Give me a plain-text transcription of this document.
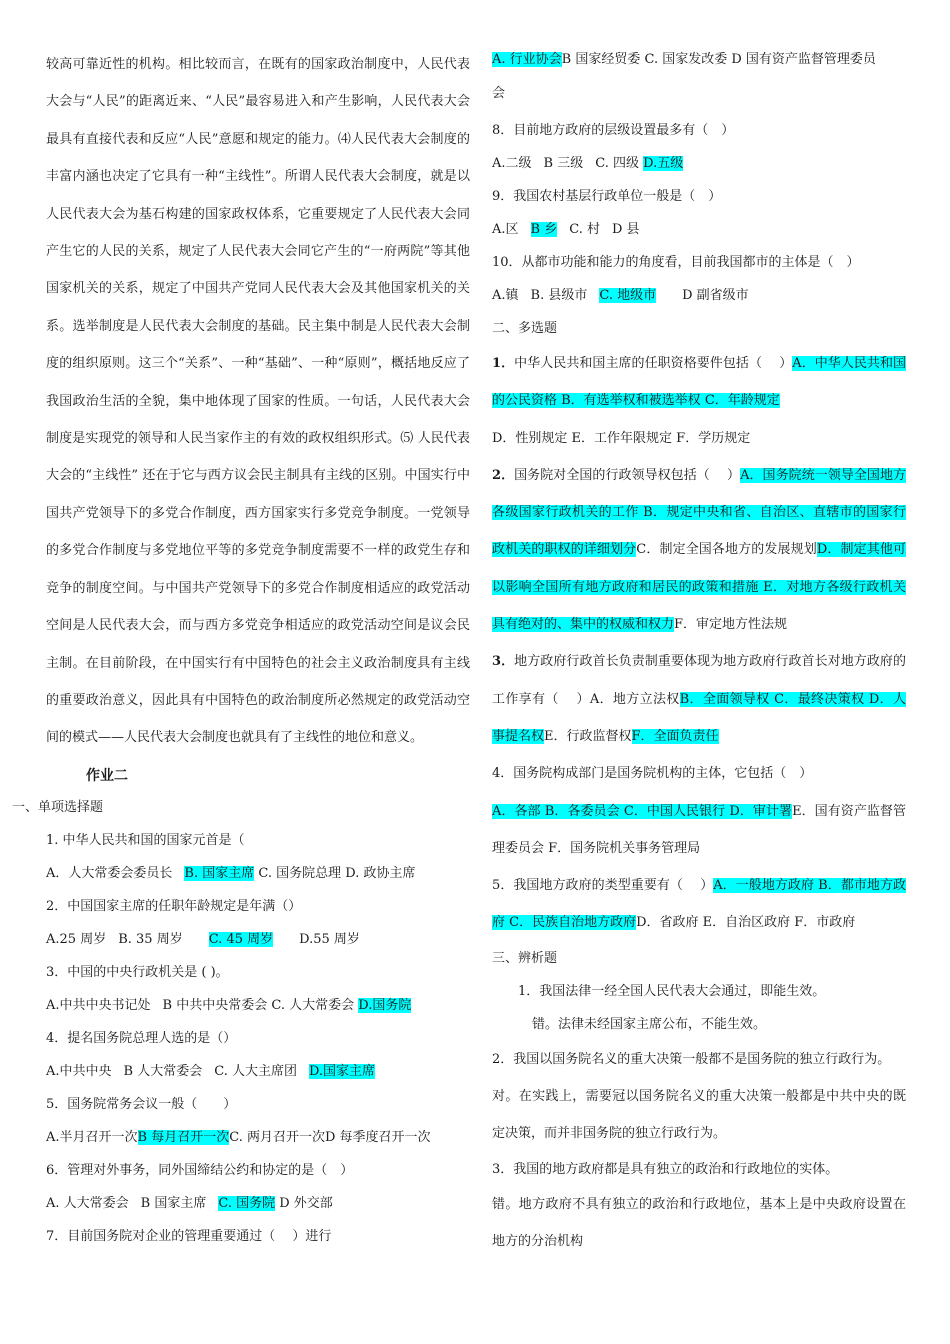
较高可靠近性的机构。相比较而言，在既有的国家政治制度中，人民代表大会与“人民”的距离近来、“人民”最容易进入和产生影响，人民代表大会最具有直接代表和反应“人民”意愿和规定的能力。⑷人民代表大会制度的丰富内涵也决定了它具有一种“主线性”。所谓人民代表大会制度，就是以人民代表大会为基石构建的国家政权体系，它重要规定了人民代表大会同产生它的人民的关系，规定了人民代表大会同它产生的“一府两院”等其他国家机关的关系，规定了中国共产党同人民代表大会及其他国家机关的关系。选举制度是人民代表大会制度的基础。民主集中制是人民代表大会制度的组织原则。这三个“关系”、一种“基础”、一种“原则”，概括地反应了我国政治生活的全貌，集中地体现了国家的性质。一句话，人民代表大会制度是实现党的领导和人民当家作主的有效的政权组织形式。⑸ 人民代表大会的“主线性” 还在于它与西方议会民主制具有主线的区别。中国实行中国共产党领导下的多党合作制度，西方国家实行多党竞争制度。一党领导的多党合作制度与多党地位平等的多党竞争制度需要不一样的政党生存和竞争的制度空间。与中国共产党领导下的多党合作制度相适应的政党活动空间是人民代表大会，而与西方多党竞争相适应的政党活动空间是议会民主制。在目前阶段，在中国实行有中国特色的社会主义政治制度具有主线的重要政治意义，因此具有中国特色的政治制度所必然规定的政党活动空间的模式——人民代表大会制度也就具有了主线性的地位和意义。

作业二

一、单项选择题

1. 中华人民共和国的国家元首是（

A．人大常委会委员长 B. 国家主席 C. 国务院总理 D. 政协主席

2．中国国家主席的任职年龄规定是年满（）

A.25 周岁 B. 35 周岁 C. 45 周岁 D.55 周岁

3．中国的中央行政机关是 ( )。

A.中共中央书记处 B 中共中央常委会 C. 人大常委会 D.国务院

4．提名国务院总理人选的是（）

A.中共中央 B 人大常委会 C. 人大主席团 D.国家主席

5．国务院常务会议一般（　　）

A.半月召开一次B 每月召开一次C. 两月召开一次D 每季度召开一次

6．管理对外事务，同外国缔结公约和协定的是（　）

A. 人大常委会 B 国家主席 C. 国务院 D 外交部

7．目前国务院对企业的管理重要通过（　 ）进行

A. 行业协会B 国家经贸委 C. 国家发改委 D 国有资产监督管理委员

会

8．目前地方政府的层级设置最多有（　）

A.二级 B 三级 C. 四级 D.五级

9．我国农村基层行政单位一般是（　）

A.区 B 乡 C. 村 D 县

10．从都市功能和能力的角度看，目前我国都市的主体是（　）

A.镇 B. 县级市 C. 地级市 D 副省级市

二、多选题

1．中华人民共和国主席的任职资格要件包括（　 ）A．中华人民共和国的公民资格 B．有选举权和被选举权 C．年龄规定
D．性别规定 E．工作年限规定 F．学历规定

2．国务院对全国的行政领导权包括（　 ）A．国务院统一领导全国地方各级国家行政机关的工作 B．规定中央和省、自治区、直辖市的国家行政机关的职权的详细划分C．制定全国各地方的发展规划D．制定其他可以影响全国所有地方政府和居民的政策和措施 E．对地方各级行政机关具有绝对的、集中的权威和权力F．审定地方性法规

3．地方政府行政首长负责制重要体现为地方政府行政首长对地方政府的工作享有（　 ）A．地方立法权B．全面领导权 C．最终决策权 D．人事提名权E．行政监督权F．全面负责任

4．国务院构成部门是国务院机构的主体，它包括（　）
A．各部 B．各委员会 C．中国人民银行 D．审计署E．国有资产监督管理委员会 F．国务院机关事务管理局

5．我国地方政府的类型重要有（　 ）A．一般地方政府 B．都市地方政府 C．民族自治地方政府D．省政府 E．自治区政府 F．市政府

三、辨析题

1．我国法律一经全国人民代表大会通过，即能生效。

错。法律未经国家主席公布，不能生效。

2．我国以国务院名义的重大决策一般都不是国务院的独立行政行为。

对。在实践上，需要冠以国务院名义的重大决策一般都是中共中央的既定决策，而并非国务院的独立行政行为。

3．我国的地方政府都是具有独立的政治和行政地位的实体。

错。地方政府不具有独立的政治和行政地位，基本上是中央政府设置在地方的分治机构
